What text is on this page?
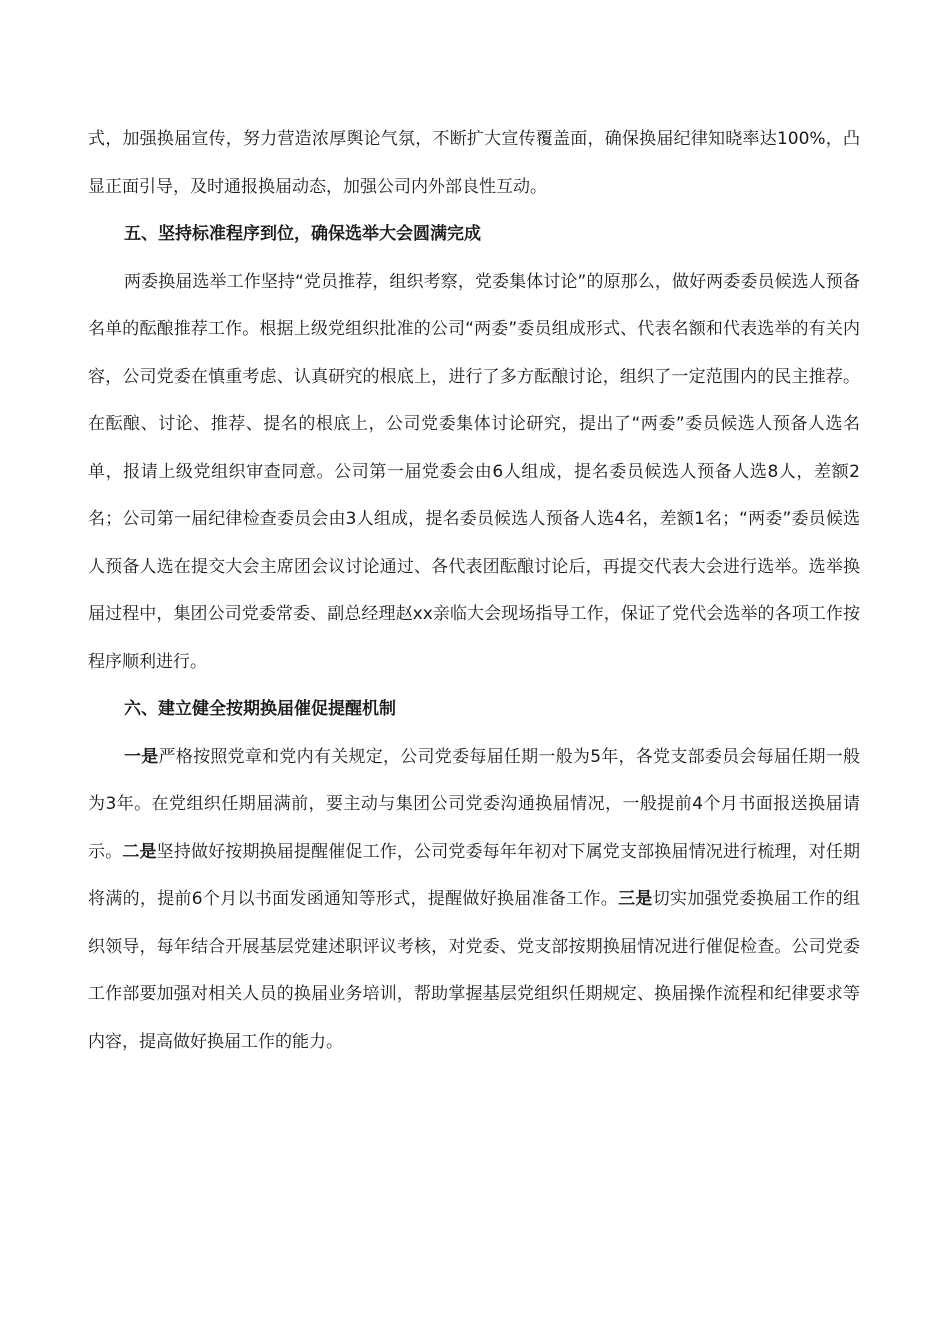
式，加强换届宣传，努力营造浓厚舆论气氛，不断扩大宣传覆盖面，确保换届纪律知晓率达100%，凸显正面引导，及时通报换届动态，加强公司内外部良性互动。

五、坚持标准程序到位，确保选举大会圆满完成

两委换届选举工作坚持“党员推荐，组织考察，党委集体讨论”的原那么，做好两委委员候选人预备名单的酝酿推荐工作。根据上级党组织批准的公司“两委”委员组成形式、代表名额和代表选举的有关内容，公司党委在慎重考虑、认真研究的根底上，进行了多方酝酿讨论，组织了一定范围内的民主推荐。在酝酿、讨论、推荐、提名的根底上，公司党委集体讨论研究，提出了“两委”委员候选人预备人选名单，报请上级党组织审查同意。公司第一届党委会由6人组成，提名委员候选人预备人选8人，差额2名；公司第一届纪律检查委员会由3人组成，提名委员候选人预备人选4名，差额1名；“两委”委员候选人预备人选在提交大会主席团会议讨论通过、各代表团酝酿讨论后，再提交代表大会进行选举。选举换届过程中，集团公司党委常委、副总经理赵xx亲临大会现场指导工作，保证了党代会选举的各项工作按程序顺利进行。

六、建立健全按期换届催促提醒机制

一是严格按照党章和党内有关规定，公司党委每届任期一般为5年，各党支部委员会每届任期一般为3年。在党组织任期届满前，要主动与集团公司党委沟通换届情况，一般提前4个月书面报送换届请示。二是坚持做好按期换届提醒催促工作，公司党委每年年初对下属党支部换届情况进行梳理，对任期将满的，提前6个月以书面发函通知等形式，提醒做好换届准备工作。三是切实加强党委换届工作的组织领导，每年结合开展基层党建述职评议考核，对党委、党支部按期换届情况进行催促检查。公司党委工作部要加强对相关人员的换届业务培训，帮助掌握基层党组织任期规定、换届操作流程和纪律要求等内容，提高做好换届工作的能力。
